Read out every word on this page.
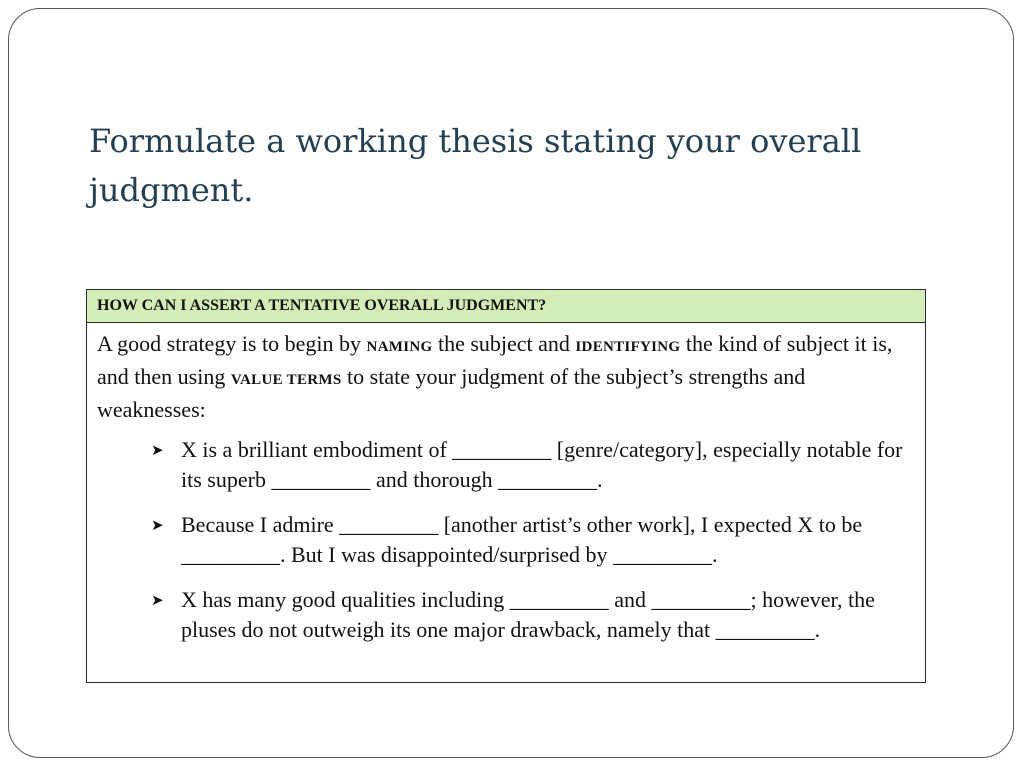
Formulate a working thesis stating your overall judgment.
HOW CAN I ASSERT A TENTATIVE OVERALL JUDGMENT?

A good strategy is to begin by NAMING the subject and IDENTIFYING the kind of subject it is, and then using VALUE TERMS to state your judgment of the subject’s strengths and weaknesses:

➤ X is a brilliant embodiment of _________ [genre/category], especially notable for its superb _________ and thorough _________.
➤ Because I admire _________ [another artist’s other work], I expected X to be _________. But I was disappointed/surprised by _________.
➤ X has many good qualities including _________ and _________; however, the pluses do not outweigh its one major drawback, namely that _________.
